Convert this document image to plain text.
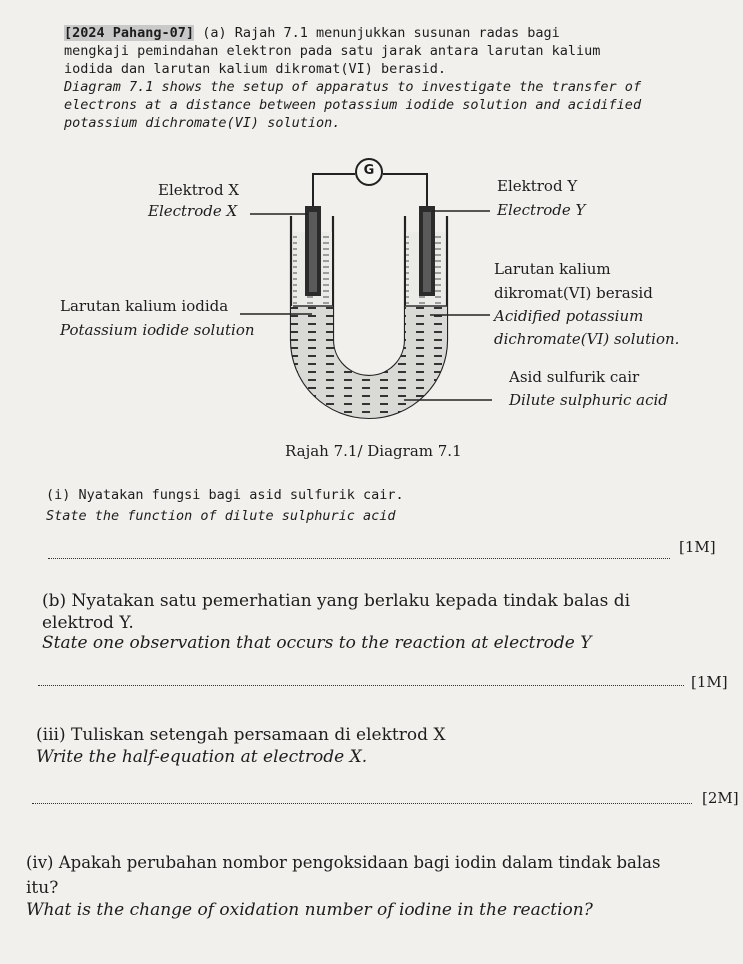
[2024 Pahang-07] (a) Rajah 7.1 menunjukkan susunan radas bagi
mengkaji pemindahan elektron pada satu jarak antara larutan kalium
iodida dan larutan kalium dikromat(VI) berasid.
Diagram 7.1 shows the setup of apparatus to investigate the transfer of
electrons at a distance between potassium iodide solution and acidified
potassium dichromate(VI) solution.
G
Elektrod X
Electrode X
Elektrod Y
Electrode Y
Larutan kalium iodida
Potassium iodide solution
Larutan kalium
dikromat(VI) berasid
Acidified potassium
dichromate(VI) solution.
Asid sulfurik cair
Dilute sulphuric acid
Rajah 7.1/ Diagram 7.1
(i) Nyatakan fungsi bagi asid sulfurik cair.
State the function of dilute sulphuric acid
[1M]
(b) Nyatakan satu pemerhatian yang berlaku kepada tindak balas di
elektrod Y.
State one observation that occurs to the reaction at electrode Y
[1M]
(iii) Tuliskan setengah persamaan di elektrod X
Write the half-equation at electrode X.
[2M]
(iv) Apakah perubahan nombor pengoksidaan bagi iodin dalam tindak balas
itu?
What is the change of oxidation number of iodine in the reaction?
